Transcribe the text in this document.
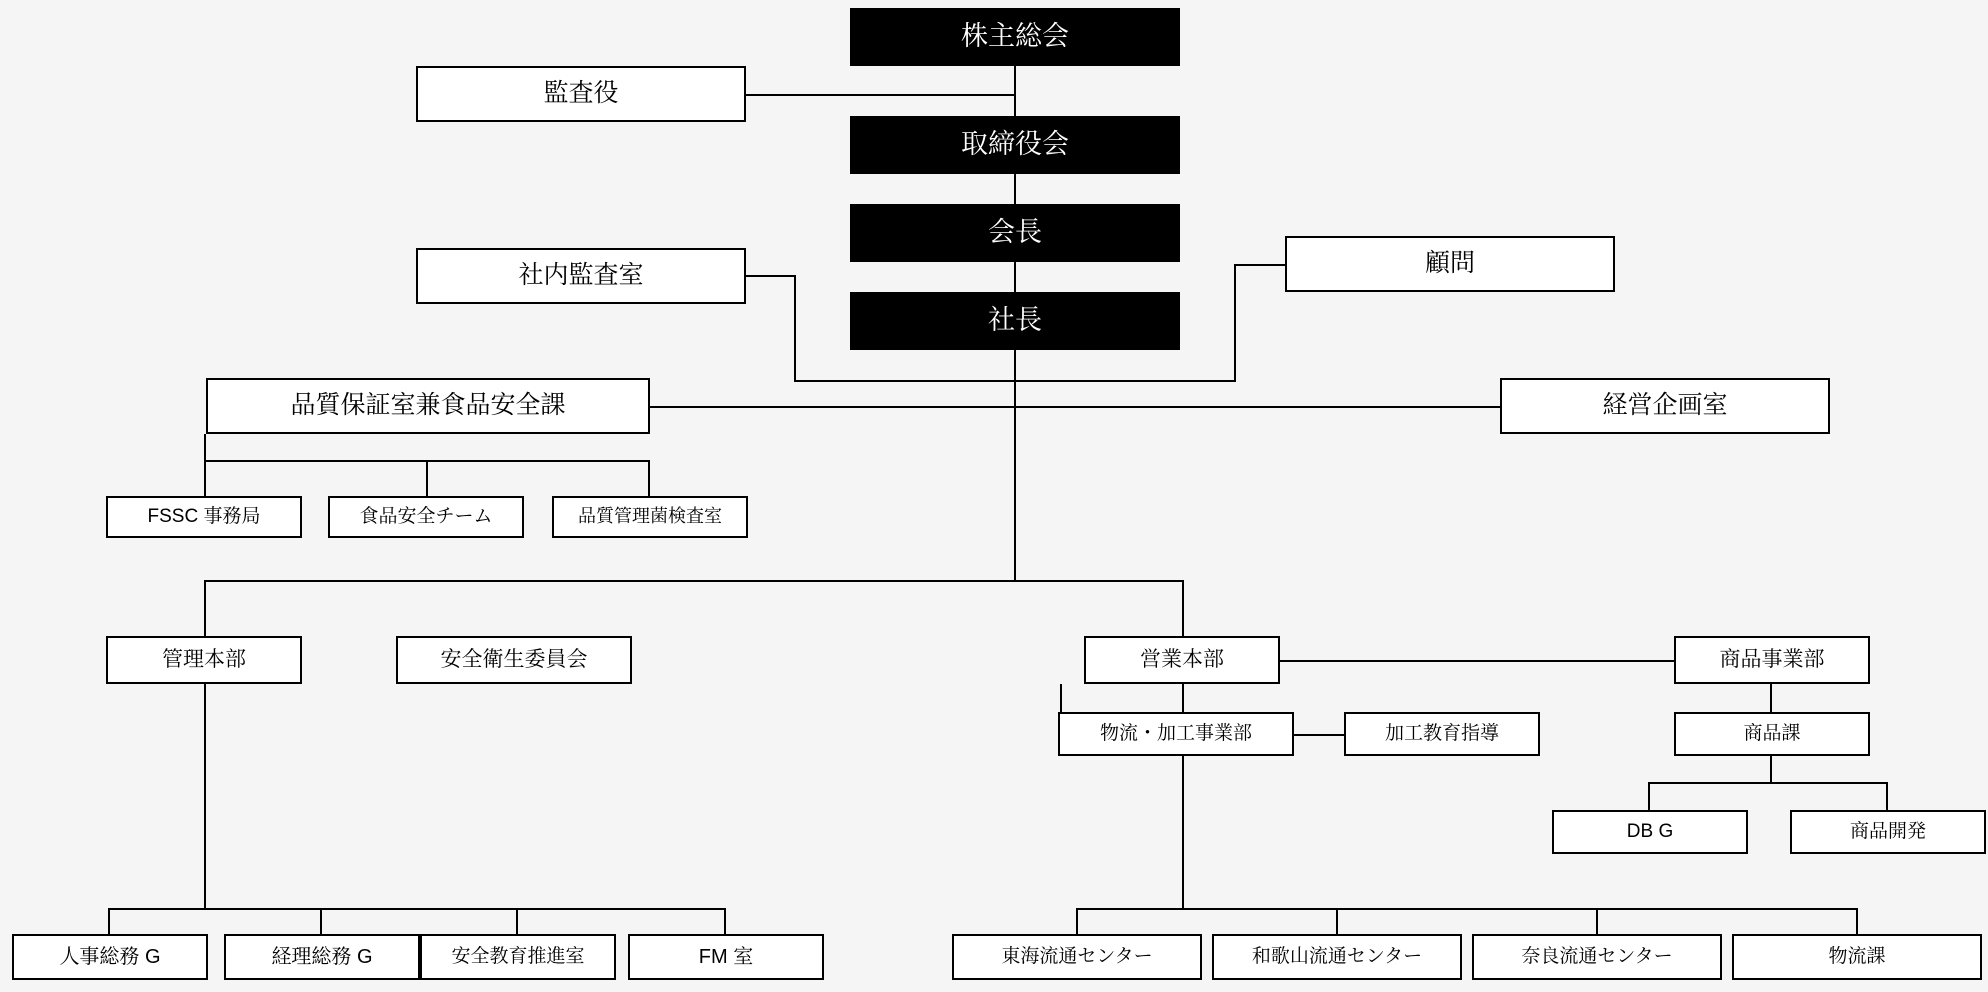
株主総会
監査役
取締役会
会長
社内監査室	顧問
社長
品質保証室兼食品安全課	経営企画室
FSSC 事務局	食品安全チーム	品質管理菌検査室
管理本部	安全衛生委員会	営業本部	商品事業部
物流・加工事業部	加工教育指導	商品課
DB G	商品開発
人事総務 G	経理総務 G	安全教育推進室	FM 室	東海流通センター	和歌山流通センター	奈良流通センター	物流課
